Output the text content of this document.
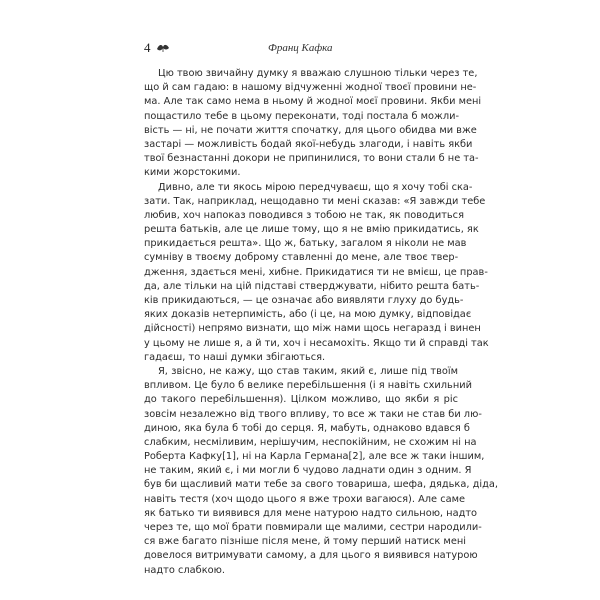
4	Франц Кафка
Цю твою звичайну думку я вважаю слушною тільки через те,
що й сам гадаю: в нашому відчуженні жодної твоєї провини не-
ма. Але так само нема в ньому й жодної моєї провини. Якби мені
пощастило тебе в цьому переконати, тоді постала б можли-
вість — ні, не почати життя спочатку, для цього обидва ми вже
застарі — можливість бодай якої-небудь злагоди, і навіть якби
твої безнастанні докори не припинилися, то вони стали б не та-
кими жорстокими.
Дивно, але ти якось мірою передчуваєш, що я хочу тобі ска-
зати. Так, наприклад, нещодавно ти мені сказав: «Я завжди тебе
любив, хоч напоказ поводився з тобою не так, як поводиться
решта батьків, але це лише тому, що я не вмію прикидатись, як
прикидається решта». Що ж, батьку, загалом я ніколи не мав
сумніву в твоєму доброму ставленні до мене, але твоє твер-
дження, здається мені, хибне. Прикидатися ти не вмієш, це прав-
да, але тільки на цій підставі стверджувати, нібито решта бать-
ків прикидаються, — це означає або виявляти глуху до будь-
яких доказів нетерпимість, або (і це, на мою думку, відповідає
дійсності) непрямо визнати, що між нами щось негаразд і винен
у цьому не лише я, а й ти, хоч і несамохіть. Якщо ти й справді так
гадаєш, то наші думки збігаються.
Я, звісно, не кажу, що став таким, який є, лише під твоїм
впливом. Це було б велике перебільшення (і я навіть схильний
до такого перебільшення). Цілком можливо, що якби я ріс
зовсім незалежно від твого впливу, то все ж таки не став би лю-
диною, яка була б тобі до серця. Я, мабуть, однаково вдався б
слабким, несміливим, нерішучим, неспокійним, не схожим ні на
Роберта Кафку[1], ні на Карла Германа[2], але все ж таки іншим,
не таким, який є, і ми могли б чудово ладнати один з одним. Я
був би щасливий мати тебе за свого товариша, шефа, дядька, діда,
навіть тестя (хоч щодо цього я вже трохи вагаюся). Але саме
як батько ти виявився для мене натурою надто сильною, надто
через те, що мої брати повмирали ще малими, сестри народили-
ся вже багато пізніше після мене, й тому перший натиск мені
довелося витримувати самому, а для цього я виявився натурою
надто слабкою.
